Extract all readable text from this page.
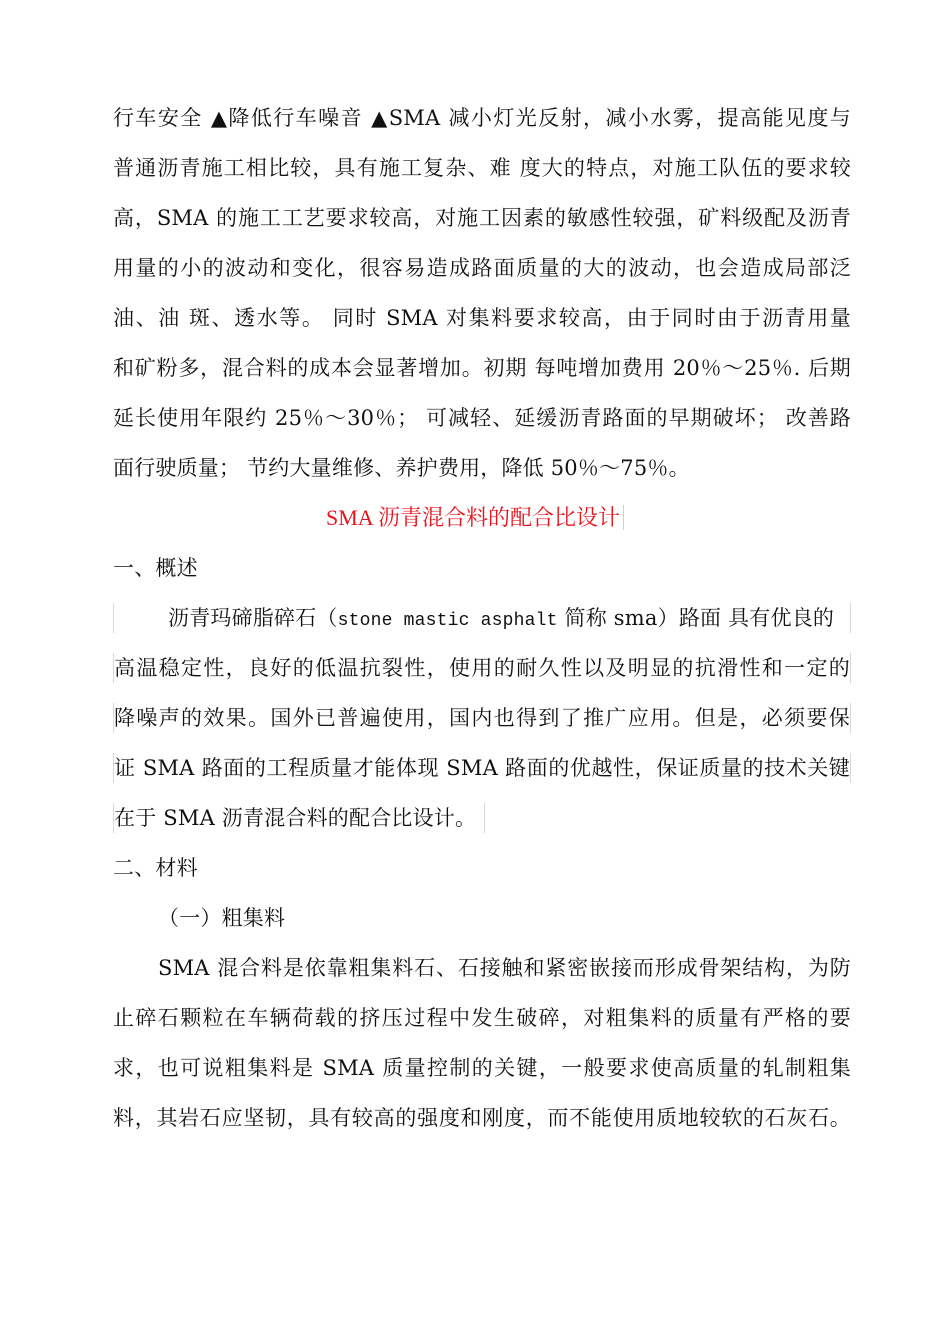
行车安全 ▲降低行车噪音 ▲SMA 减小灯光反射，减小水雾，提高能见度与
普通沥青施工相比较，具有施工复杂、难 度大的特点，对施工队伍的要求较
高，SMA 的施工工艺要求较高，对施工因素的敏感性较强，矿料级配及沥青
用量的小的波动和变化，很容易造成路面质量的大的波动，也会造成局部泛
油、油 斑、透水等。 同时 SMA 对集料要求较高，由于同时由于沥青用量
和矿粉多，混合料的成本会显著增加。初期 每吨增加费用 20％～25％. 后期
延长使用年限约 25％～30％； 可减轻、延缓沥青路面的早期破坏； 改善路
面行驶质量； 节约大量维修、养护费用，降低 50％～75％。
SMA 沥青混合料的配合比设计
一、概述
沥青玛碲脂碎石（stone mastic asphalt 简称 sma）路面 具有优良的
高温稳定性，良好的低温抗裂性，使用的耐久性以及明显的抗滑性和一定的
降噪声的效果。国外已普遍使用，国内也得到了推广应用。但是，必须要保
证 SMA 路面的工程质量才能体现 SMA 路面的优越性，保证质量的技术关键
在于 SMA 沥青混合料的配合比设计。
二、材料
（一）粗集料
SMA 混合料是依靠粗集料石、石接触和紧密嵌接而形成骨架结构，为防
止碎石颗粒在车辆荷载的挤压过程中发生破碎，对粗集料的质量有严格的要
求，也可说粗集料是 SMA 质量控制的关键，一般要求使高质量的轧制粗集
料，其岩石应坚韧，具有较高的强度和刚度，而不能使用质地较软的石灰石。
